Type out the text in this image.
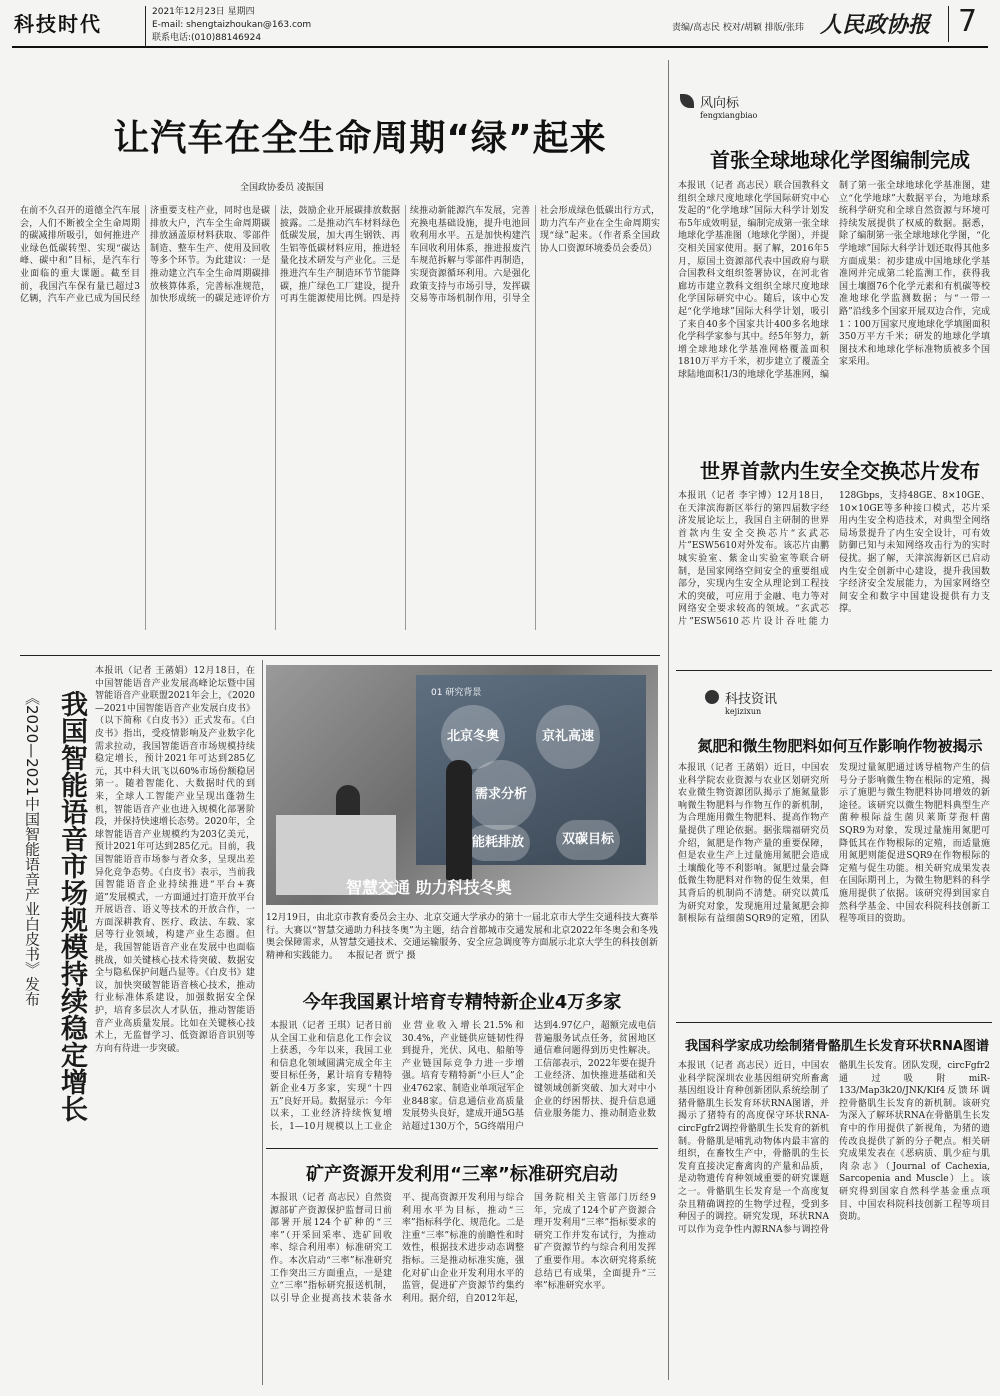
科技时代	2021年12月23日 星期四
E-mail: shengtaizhoukan@163.com
联系电话:(010)88146924
责编/高志民 校对/胡颖 排版/张玮 人民政协报 7
让汽车在全生命周期“绿”起来
全国政协委员 凌振国
在前不久召开的道德全汽车展会，人们不断被全全生命周期的碳减排所吸引，如何推进产业绿色低碳转型、实现“碳达峰、碳中和”目标，是汽车行业面临的重大课题。截至目前，我国汽车保有量已超过3亿辆，汽车产业已成为国民经济重要支柱产业，同时也是碳排放大户，汽车全生命周期碳排放涵盖原材料获取、零部件制造、整车生产、使用及回收等多个环节。为此建议：一是推动建立汽车全生命周期碳排放核算体系，完善标准规范，加快形成统一的碳足迹评价方法，鼓励企业开展碳排放数据披露。二是推动汽车材料绿色低碳发展，加大再生钢铁、再生铝等低碳材料应用，推进轻量化技术研发与产业化。三是推进汽车生产制造环节节能降碳，推广绿色工厂建设，提升可再生能源使用比例。四是持续推动新能源汽车发展，完善充换电基础设施，提升电池回收利用水平。五是加快构建汽车回收利用体系，推进报废汽车规范拆解与零部件再制造，实现资源循环利用。六是强化政策支持与市场引导，发挥碳交易等市场机制作用，引导全社会形成绿色低碳出行方式，助力汽车产业在全生命周期实现“绿”起来。（作者系全国政协人口资源环境委员会委员）
风向标
fengxiangbiao
首张全球地球化学图编制完成
本报讯（记者 高志民）联合国教科文组织全球尺度地球化学国际研究中心发起的“化学地球”国际大科学计划发布5年成效明显，编制完成第一张全球地球化学基准图（地球化学图），并提交相关国家使用。据了解，2016年5月，原国土资源部代表中国政府与联合国教科文组织签署协议，在河北省廊坊市建立教科文组织全球尺度地球化学国际研究中心。随后，该中心发起“化学地球”国际大科学计划，吸引了来自40多个国家共计400多名地球化学科学家参与其中。经5年努力，新增全球地球化学基准网格覆盖面积1810万平方千米，初步建立了覆盖全球陆地面积1/3的地球化学基准网，编制了第一张全球地球化学基准图，建立“化学地球”大数据平台，为地球系统科学研究和全球自然资源与环境可持续发展提供了权威的数据。据悉，除了编制第一张全球地球化学图，“化学地球”国际大科学计划还取得其他多方面成果：初步建成中国地球化学基准网并完成第二轮监测工作，获得我国土壤圈76个化学元素和有机碳等校准地球化学监测数据；与“一带一路”沿线多个国家开展双边合作，完成1∶100万国家尺度地球化学填图面积350万平方千米；研发的地球化学填图技术和地球化学标准物质被多个国家采用。
世界首款内生安全交换芯片发布
本报讯（记者 李宇博）12月18日，在天津滨海新区举行的第四届数字经济发展论坛上，我国自主研制的世界首款内生安全交换芯片“玄武芯片”ESW5610对外发布。该芯片由鹏城实验室、紫金山实验室等联合研制，是国家网络空间安全的重要组成部分，实现内生安全从理论到工程技术的突破，可应用于金融、电力等对网络安全要求较高的领域。“玄武芯片”ESW5610芯片设计吞吐能力128Gbps，支持48GE、8×10GE、10×10GE等多种接口模式，芯片采用内生安全构造技术，对典型全网络局场景提升了内生安全设计，可有效防御已知与未知网络攻击行为的实时侵扰。据了解，天津滨海新区已启动内生安全创新中心建设，提升我国数字经济安全发展能力，为国家网络空间安全和数字中国建设提供有力支撑。
科技资讯
kejizixun
氮肥和微生物肥料如何互作影响作物被揭示
本报讯（记者 王菡娟）近日，中国农业科学院农业资源与农业区划研究所农业微生物资源团队揭示了施氮量影响微生物肥料与作物互作的新机制，为合理施用微生物肥料、提高作物产量提供了理论依据。据张瑞福研究员介绍，氮肥是作物产量的重要保障，但是农业生产上过量施用氮肥会造成土壤酸化等不利影响。氮肥过量会降低微生物肥料对作物的促生效果，但其背后的机制尚不清楚。研究以黄瓜为研究对象，发现施用过量氮肥会抑制根际有益细菌SQR9的定殖，团队发现过量氮肥通过诱导植物产生的信号分子影响微生物在根际的定殖，揭示了施肥与微生物肥料协同增效的新途径。该研究以微生物肥料典型生产菌种根际益生菌贝莱斯芽孢杆菌SQR9为对象，发现过量施用氮肥可降低其在作物根际的定殖，而适量施用氮肥则能促进SQR9在作物根际的定殖与促生功能。相关研究成果发表在国际期刊上，为微生物肥料的科学施用提供了依据。该研究得到国家自然科学基金、中国农科院科技创新工程等项目的资助。
我国科学家成功绘制猪骨骼肌生长发育环状RNA图谱
本报讯（记者 高志民）近日，中国农业科学院深圳农业基因组研究所畜禽基因组设计育种创新团队系统绘制了猪骨骼肌生长发育环状RNA图谱，并揭示了猪特有的高度保守环状RNA-circFgfr2调控骨骼肌生长发育的新机制。骨骼肌是哺乳动物体内最丰富的组织，在畜牧生产中，骨骼肌的生长发育直接决定畜禽肉的产量和品质，是动物遗传育种领域重要的研究课题之一。骨骼肌生长发育是一个高度复杂且精确调控的生物学过程，受到多种因子的调控。研究发现，环状RNA可以作为竞争性内源RNA参与调控骨骼肌生长发育。团队发现，circFgfr2通过吸附miR-133/Map3k20/JNK/Klf4反馈环调控骨骼肌生长发育的新机制。该研究为深入了解环状RNA在骨骼肌生长发育中的作用提供了新视角，为猪的遗传改良提供了新的分子靶点。相关研究成果发表在《恶病质、肌少症与肌肉杂志》（Journal of Cachexia, Sarcopenia and Muscle）上。该研究得到国家自然科学基金重点项目、中国农科院科技创新工程等项目资助。
我国智能语音市场规模持续稳定增长
《2020—2021中国智能语音产业白皮书》发布
本报讯（记者 王菡娟）12月18日，在中国智能语音产业发展高峰论坛暨中国智能语音产业联盟2021年会上，《2020—2021中国智能语音产业发展白皮书》（以下简称《白皮书》）正式发布。《白皮书》指出，受疫情影响及产业数字化需求拉动，我国智能语音市场规模持续稳定增长，预计2021年可达到285亿元，其中科大讯飞以60%市场份额稳居第一。随着智能化、大数据时代的到来，全球人工智能产业呈现出蓬勃生机，智能语音产业也进入规模化部署阶段，并保持快速增长态势。2020年，全球智能语音产业规模约为203亿美元，预计2021年可达到285亿元。目前，我国智能语音市场参与者众多，呈现出差异化竞争态势。《白皮书》表示，当前我国智能语音企业持续推进“平台+赛道”发展模式，一方面通过打造开放平台开展语音、语义等技术的开放合作，一方面深耕教育、医疗、政法、车载、家居等行业领域，构建产业生态圈。但是，我国智能语音产业在发展中也面临挑战，如关键核心技术待突破、数据安全与隐私保护问题凸显等。《白皮书》建议，加快突破智能语音核心技术，推动行业标准体系建设，加强数据安全保护，培育多层次人才队伍，推动智能语音产业高质量发展。比如在关键核心技术上，无监督学习、低资源语音识别等方向有待进一步突破。
01 研究背景
北京冬奥	京礼高速
需求分析
能耗排放	双碳目标
智慧交通 助力科技冬奥
12月19日，由北京市教育委员会主办、北京交通大学承办的第十一届北京市大学生交通科技大赛举行。大赛以“智慧交通助力科技冬奥”为主题，结合首都城市交通发展和北京2022年冬奥会和冬残奥会保障需求，从智慧交通技术、交通运输服务、安全应急调度等方面展示北京大学生的科技创新精神和实践能力。 本报记者 贾宁 摄
今年我国累计培育专精特新企业4万多家
本报讯（记者 王琪）记者日前从全国工业和信息化工作会议上获悉，今年以来，我国工业和信息化领域圆满完成全年主要目标任务，累计培育专精特新企业4万多家，实现“十四五”良好开局。数据显示：今年以来，工业经济持续恢复增长，1—10月规模以上工业企业营业收入增长21.5%和30.4%，产业链供应链韧性得到提升，光伏、风电、船舶等产业链国际竞争力进一步增强。培育专精特新“小巨人”企业4762家、制造业单项冠军企业848家。信息通信业高质量发展势头良好，建成开通5G基站超过130万个，5G终端用户达到4.97亿户，超额完成电信普遍服务试点任务，贫困地区通信难问题得到历史性解决。工信部表示，2022年要在提升工业经济、加快推进基础和关键领域创新突破、加大对中小企业的纾困帮扶、提升信息通信业服务能力、推动制造业数
矿产资源开发利用“三率”标准研究启动
本报讯（记者 高志民）自然资源部矿产资源保护监督司日前部署开展124个矿种的“三率”（开采回采率、选矿回收率、综合利用率）标准研究工作。本次启动“三率”标准研究工作突出三方面重点，一是建立“三率”指标研究报送机制，以引导企业提高技术装备水平、提高资源开发利用与综合利用水平为目标，推动“三率”指标科学化、规范化。二是注重“三率”标准的前瞻性和时效性，根据技术进步动态调整指标。三是推动标准实施，强化对矿山企业开发利用水平的监管，促进矿产资源节约集约利用。据介绍，自2012年起，国务院相关主管部门历经9年，完成了124个矿产资源合理开发利用“三率”指标要求的研究工作并发布试行，为推动矿产资源节约与综合利用发挥了重要作用。本次研究将系统总结已有成果，全面提升“三率”标准研究水平。
